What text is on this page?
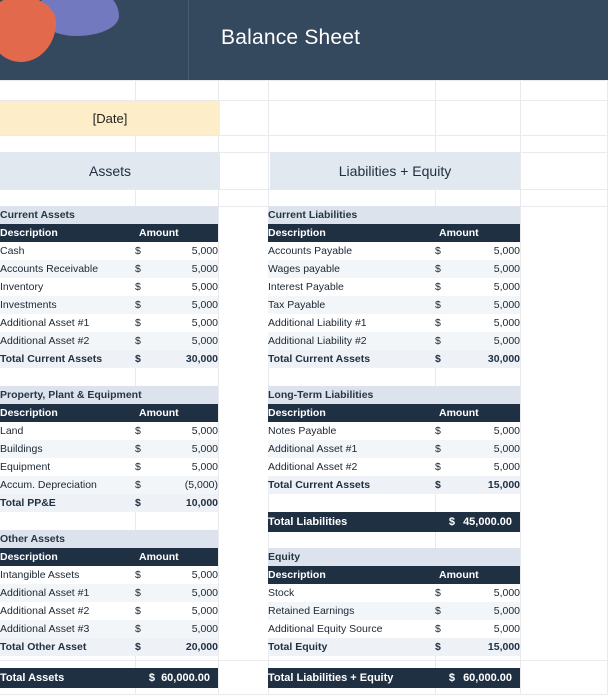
Balance Sheet
[Date]
Assets	Liabilities + Equity
Current Assets		
Description	Amount	
Cash	$	5,000
Accounts Receivable	$	5,000
Inventory	$	5,000
Investments	$	5,000
Additional Asset #1	$	5,000
Additional Asset #2	$	5,000
Total Current Assets	$	30,000
Property, Plant & Equipment		
Description	Amount	
Land	$	5,000
Buildings	$	5,000
Equipment	$	5,000
Accum. Depreciation	$	(5,000)
Total PP&E	$	10,000
Other Assets		
Description	Amount	
Intangible Assets	$	5,000
Additional Asset #1	$	5,000
Additional Asset #2	$	5,000
Additional Asset #3	$	5,000
Total Other Asset	$	20,000
Total Assets	$	60,000.00
Current Liabilities		
Description	Amount	
Accounts Payable	$	5,000
Wages payable	$	5,000
Interest Payable	$	5,000
Tax Payable	$	5,000
Additional Liability #1	$	5,000
Additional Liability #2	$	5,000
Total Current Assets	$	30,000
Long-Term Liabilities		
Description	Amount	
Notes Payable	$	5,000
Additional Asset #1	$	5,000
Additional Asset #2	$	5,000
Total Current Assets	$	15,000
Total Liabilities	$	45,000.00
Equity		
Description	Amount	
Stock	$	5,000
Retained Earnings	$	5,000
Additional Equity Source	$	5,000
Total Equity	$	15,000
Total Liabilities + Equity	$	60,000.00
